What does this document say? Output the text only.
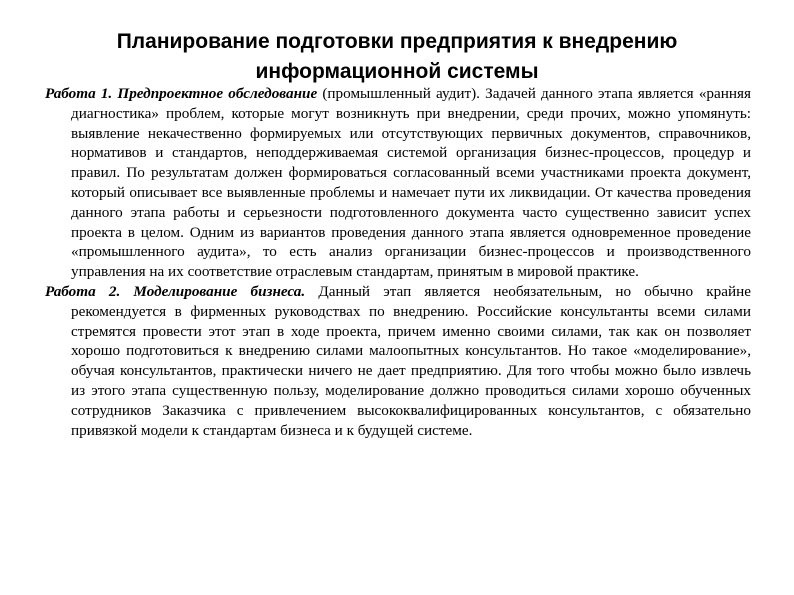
Планирование подготовки предприятия к внедрению информационной системы

Работа 1. Предпроектное обследование (промышленный аудит). Задачей данного этапа является «ранняя диагностика» проблем, которые могут возникнуть при внедрении, среди прочих, можно упомянуть: выявление некачественно формируемых или отсутствующих первичных документов, справочников, нормативов и стандартов, неподдерживаемая системой организация бизнес-процессов, процедур и правил. По результатам должен формироваться согласованный всеми участниками проекта документ, который описывает все выявленные проблемы и намечает пути их ликвидации. От качества проведения данного этапа работы и серьезности подготовленного документа часто существенно зависит успех проекта в целом. Одним из вариантов проведения данного этапа является одновременное проведение «промышленного аудита», то есть анализ организации бизнес-процессов и производственного управления на их соответствие отраслевым стандартам, принятым в мировой практике.

Работа 2. Моделирование бизнеса. Данный этап является необязательным, но обычно крайне рекомендуется в фирменных руководствах по внедрению. Российские консультанты всеми силами стремятся провести этот этап в ходе проекта, причем именно своими силами, так как он позволяет хорошо подготовиться к внедрению силами малоопытных консультантов. Но такое «моделирование», обучая консультантов, практически ничего не дает предприятию. Для того чтобы можно было извлечь из этого этапа существенную пользу, моделирование должно проводиться силами хорошо обученных сотрудников Заказчика с привлечением высококвалифицированных консультантов, с обязательно привязкой модели к стандартам бизнеса и к будущей системе.
